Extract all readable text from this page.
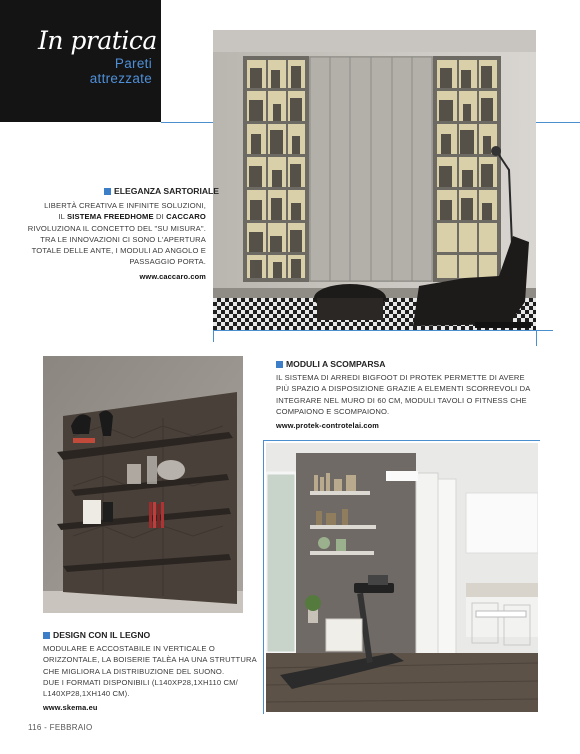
In pratica
Pareti
attrezzate
ELEGANZA SARTORIALE
LIBERTÀ CREATIVA E INFINITE SOLUZIONI,
IL SISTEMA FREEDHOME DI CACCARO
RIVOLUZIONA IL CONCETTO DEL "SU MISURA".
TRA LE INNOVAZIONI CI SONO L'APERTURA
TOTALE DELLE ANTE, I MODULI AD ANGOLO E
PASSAGGIO PORTA.
www.caccaro.com
MODULI A SCOMPARSA
IL SISTEMA DI ARREDI BIGFOOT DI PROTEK PERMETTE DI AVERE
PIÙ SPAZIO A DISPOSIZIONE GRAZIE A ELEMENTI SCORREVOLI DA
INTEGRARE NEL MURO DI 60 CM, MODULI TAVOLI O FITNESS CHE
COMPAIONO E SCOMPAIONO.
www.protek-controtelai.com
DESIGN CON IL LEGNO
MODULARE E ACCOSTABILE IN VERTICALE O
ORIZZONTALE, LA BOISERIE TALÈA HA UNA STRUTTURA
CHE MIGLIORA LA DISTRIBUZIONE DEL SUONO.
DUE I FORMATI DISPONIBILI (L140XP28,1XH110 CM/
L140XP28,1XH140 CM).
www.skema.eu
116 - FEBBRAIO
